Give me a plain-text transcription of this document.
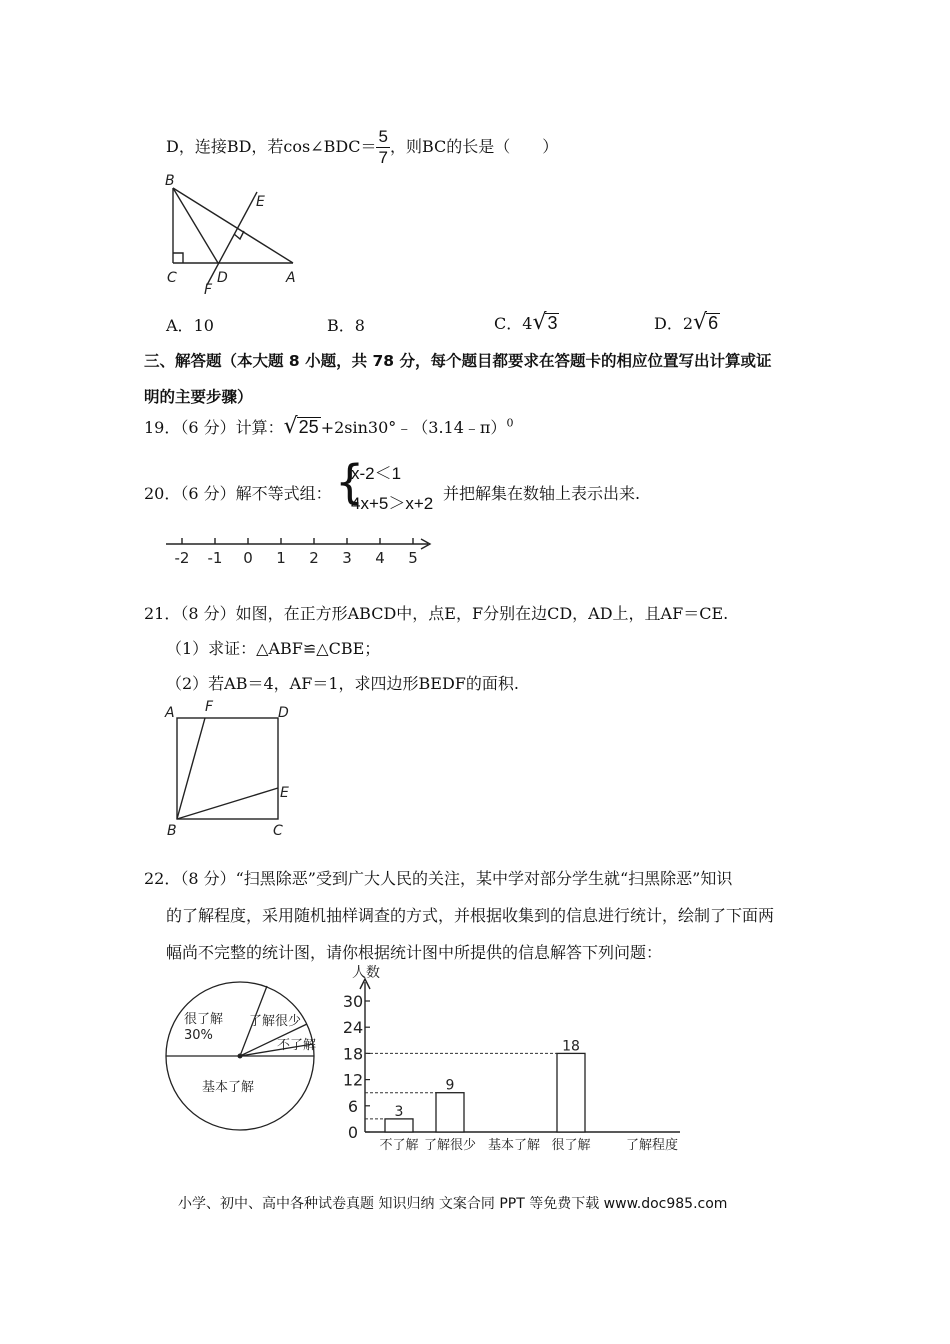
D，连接BD，若cos∠BDC＝ $\frac{5}{7}$ ，则BC的长是（　　）
B
E
C	D	A
F
A．10	B．8	C．4√3	D．2√6
三、解答题（本大题 8 小题，共 78 分，每个题目都要求在答题卡的相应位置写出计算或证
明的主要步骤）
19．（6 分）计算：√25 +2sin30°﹣（3.14﹣π）$^0$
20．（6 分）解不等式组： {
x-2＜1
4x+5＞x+2
并把解集在数轴上表示出来.
-2 -1 0 1 2 3 4 5
21．（8 分）如图，在正方形ABCD中，点E，F分别在边CD，AD上，且AF＝CE.
（1）求证：△ABF≌△CBE；
（2）若AB＝4，AF＝1，求四边形BEDF的面积.
A F	D
E
B	C
22．（8 分）“扫黑除恶”受到广大人民的关注，某中学对部分学生就“扫黑除恶”知识
的了解程度，采用随机抽样调查的方式，并根据收集到的信息进行统计，绘制了下面两
幅尚不完整的统计图，请你根据统计图中所提供的信息解答下列问题：
很了解
30%
了解很少
不了解
基本了解
人数
0
6
12
18
24
30
3
9
18
不了解 了解很少 基本了解 很了解	了解程度
小学、初中、高中各种试卷真题 知识归纳 文案合同 PPT 等免费下载 www.doc985.com
